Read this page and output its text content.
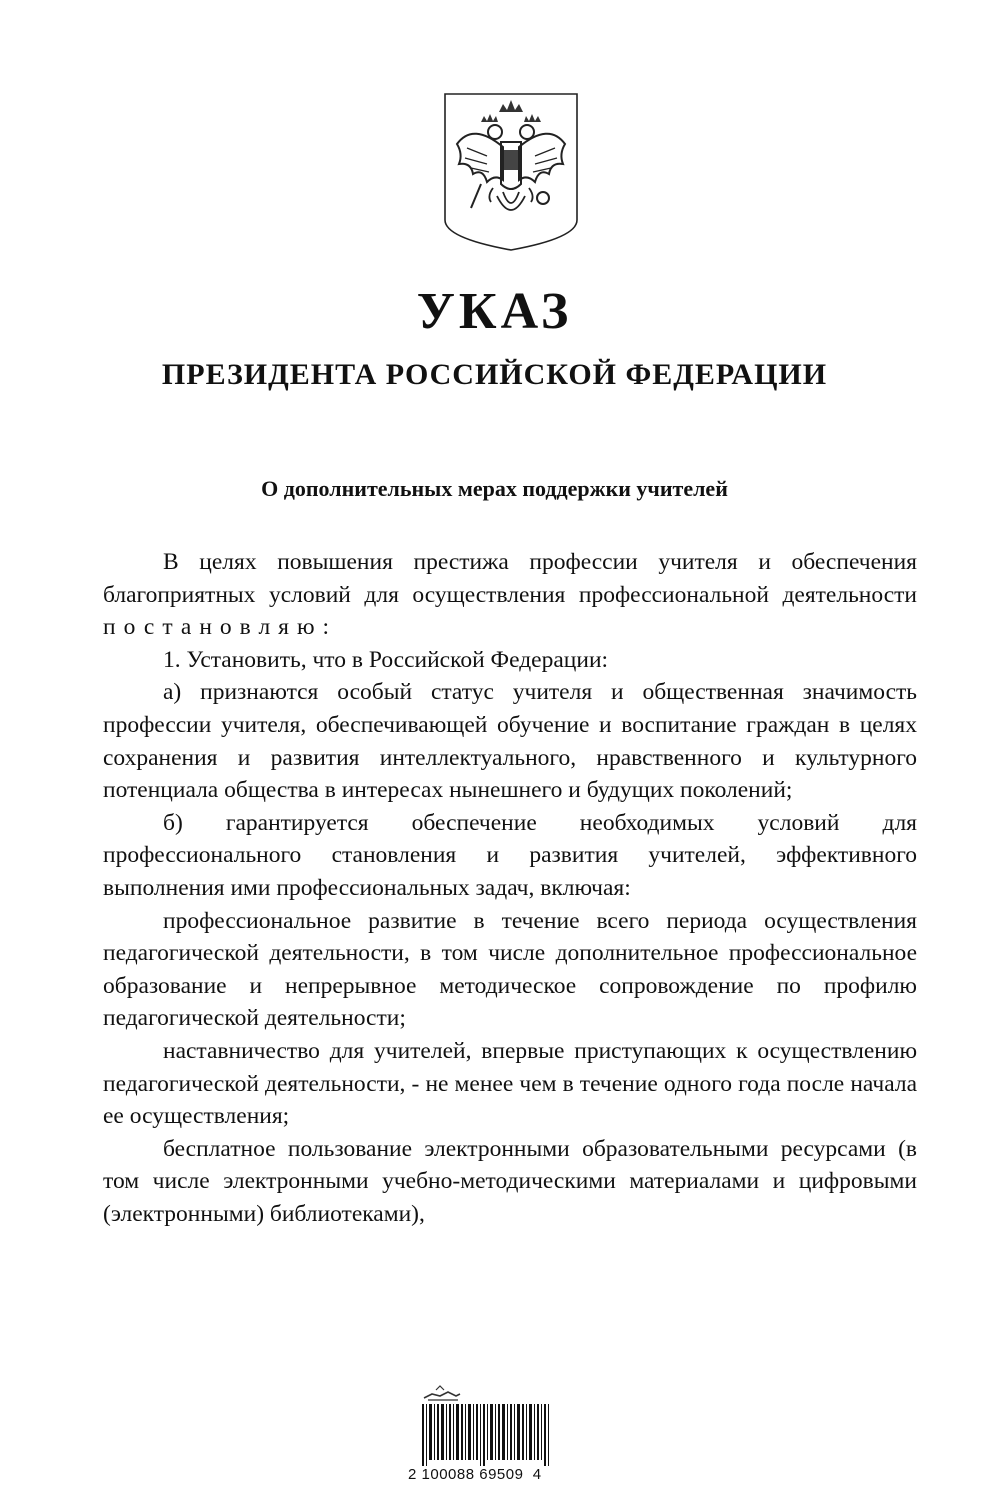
УКАЗ
ПРЕЗИДЕНТА РОССИЙСКОЙ ФЕДЕРАЦИИ
О дополнительных мерах поддержки учителей

В целях повышения престижа профессии учителя и обеспечения благоприятных условий для осуществления профессиональной деятельности постановляю:

1. Установить, что в Российской Федерации:

а) признаются особый статус учителя и общественная значимость профессии учителя, обеспечивающей обучение и воспитание граждан в целях сохранения и развития интеллектуального, нравственного и культурного потенциала общества в интересах нынешнего и будущих поколений;

б) гарантируется обеспечение необходимых условий для профессионального становления и развития учителей, эффективного выполнения ими профессиональных задач, включая:

профессиональное развитие в течение всего периода осуществления педагогической деятельности, в том числе дополнительное профессиональное образование и непрерывное методическое сопровождение по профилю педагогической деятельности;

наставничество для учителей, впервые приступающих к осуществлению педагогической деятельности, - не менее чем в течение одного года после начала ее осуществления;

бесплатное пользование электронными образовательными ресурсами (в том числе электронными учебно-методическими материалами и цифровыми (электронными) библиотеками),

2 100088 69509  4
